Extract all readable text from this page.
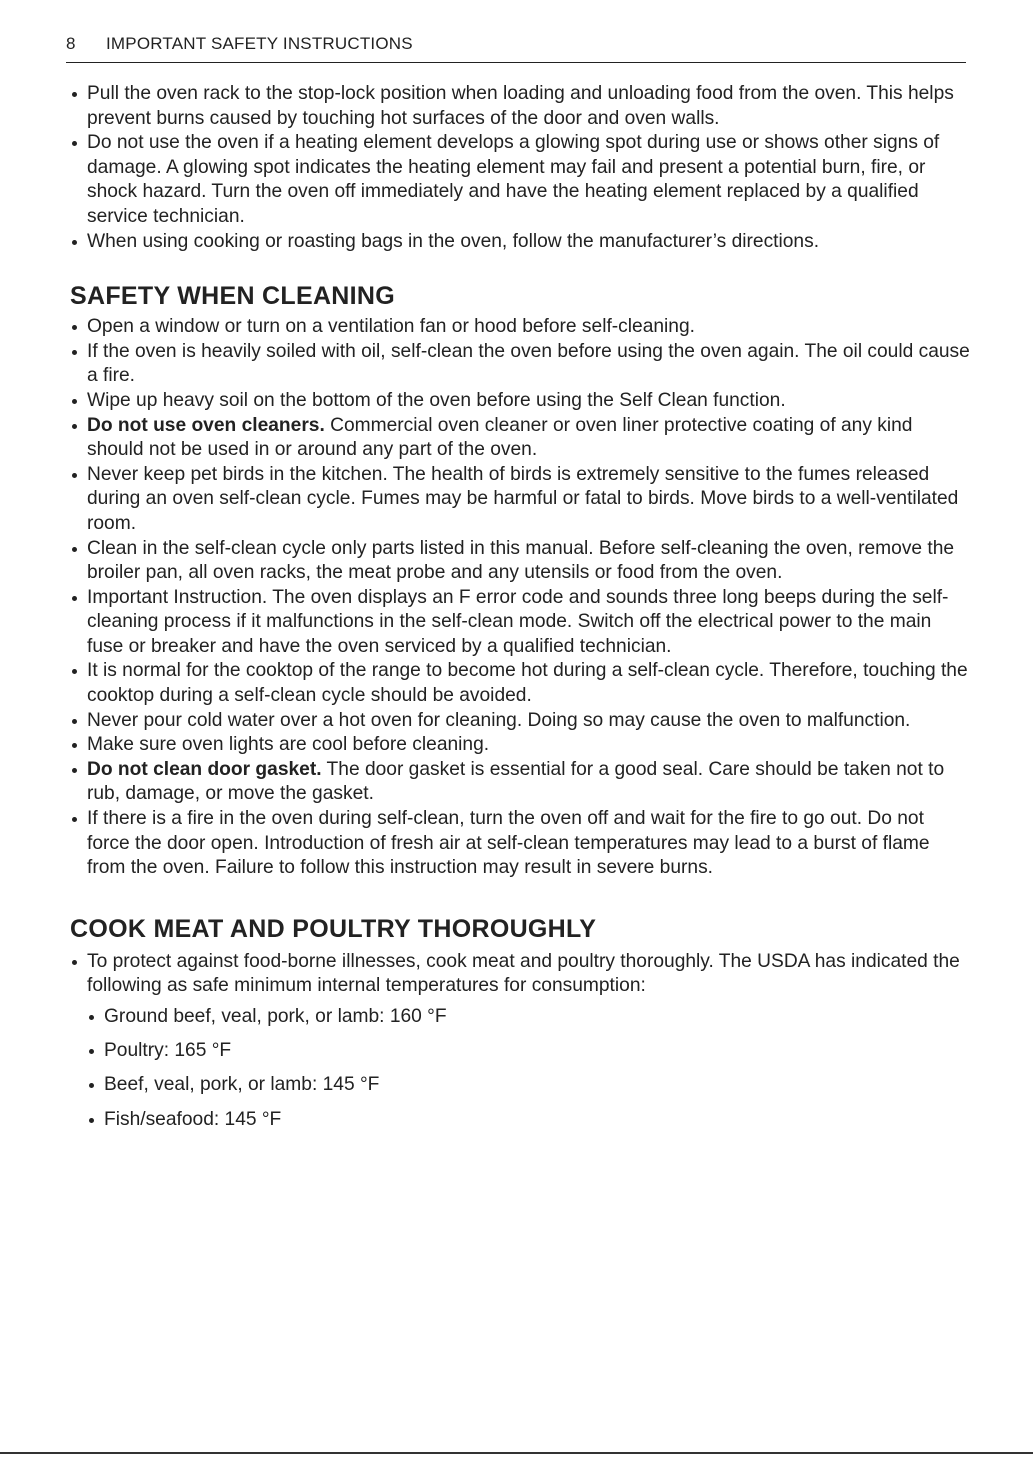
8 IMPORTANT SAFETY INSTRUCTIONS
Pull the oven rack to the stop-lock position when loading and unloading food from the oven. This helps prevent burns caused by touching hot surfaces of the door and oven walls.
Do not use the oven if a heating element develops a glowing spot during use or shows other signs of damage. A glowing spot indicates the heating element may fail and present a potential burn, fire, or shock hazard. Turn the oven off immediately and have the heating element replaced by a qualified service technician.
When using cooking or roasting bags in the oven, follow the manufacturer’s directions.
SAFETY WHEN CLEANING
Open a window or turn on a ventilation fan or hood before self-cleaning.
If the oven is heavily soiled with oil, self-clean the oven before using the oven again. The oil could cause a fire.
Wipe up heavy soil on the bottom of the oven before using the Self Clean function.
Do not use oven cleaners. Commercial oven cleaner or oven liner protective coating of any kind should not be used in or around any part of the oven.
Never keep pet birds in the kitchen. The health of birds is extremely sensitive to the fumes released during an oven self-clean cycle. Fumes may be harmful or fatal to birds. Move birds to a well-ventilated room.
Clean in the self-clean cycle only parts listed in this manual. Before self-cleaning the oven, remove the broiler pan, all oven racks, the meat probe and any utensils or food from the oven.
Important Instruction. The oven displays an F error code and sounds three long beeps during the self-cleaning process if it malfunctions in the self-clean mode. Switch off the electrical power to the main fuse or breaker and have the oven serviced by a qualified technician.
It is normal for the cooktop of the range to become hot during a self-clean cycle. Therefore, touching the cooktop during a self-clean cycle should be avoided.
Never pour cold water over a hot oven for cleaning. Doing so may cause the oven to malfunction.
Make sure oven lights are cool before cleaning.
Do not clean door gasket. The door gasket is essential for a good seal. Care should be taken not to rub, damage, or move the gasket.
If there is a fire in the oven during self-clean, turn the oven off and wait for the fire to go out. Do not force the door open. Introduction of fresh air at self-clean temperatures may lead to a burst of flame from the oven. Failure to follow this instruction may result in severe burns.
COOK MEAT AND POULTRY THOROUGHLY
To protect against food-borne illnesses, cook meat and poultry thoroughly. The USDA has indicated the following as safe minimum internal temperatures for consumption:
Ground beef, veal, pork, or lamb: 160 °F
Poultry: 165 °F
Beef, veal, pork, or lamb: 145 °F
Fish/seafood: 145 °F
